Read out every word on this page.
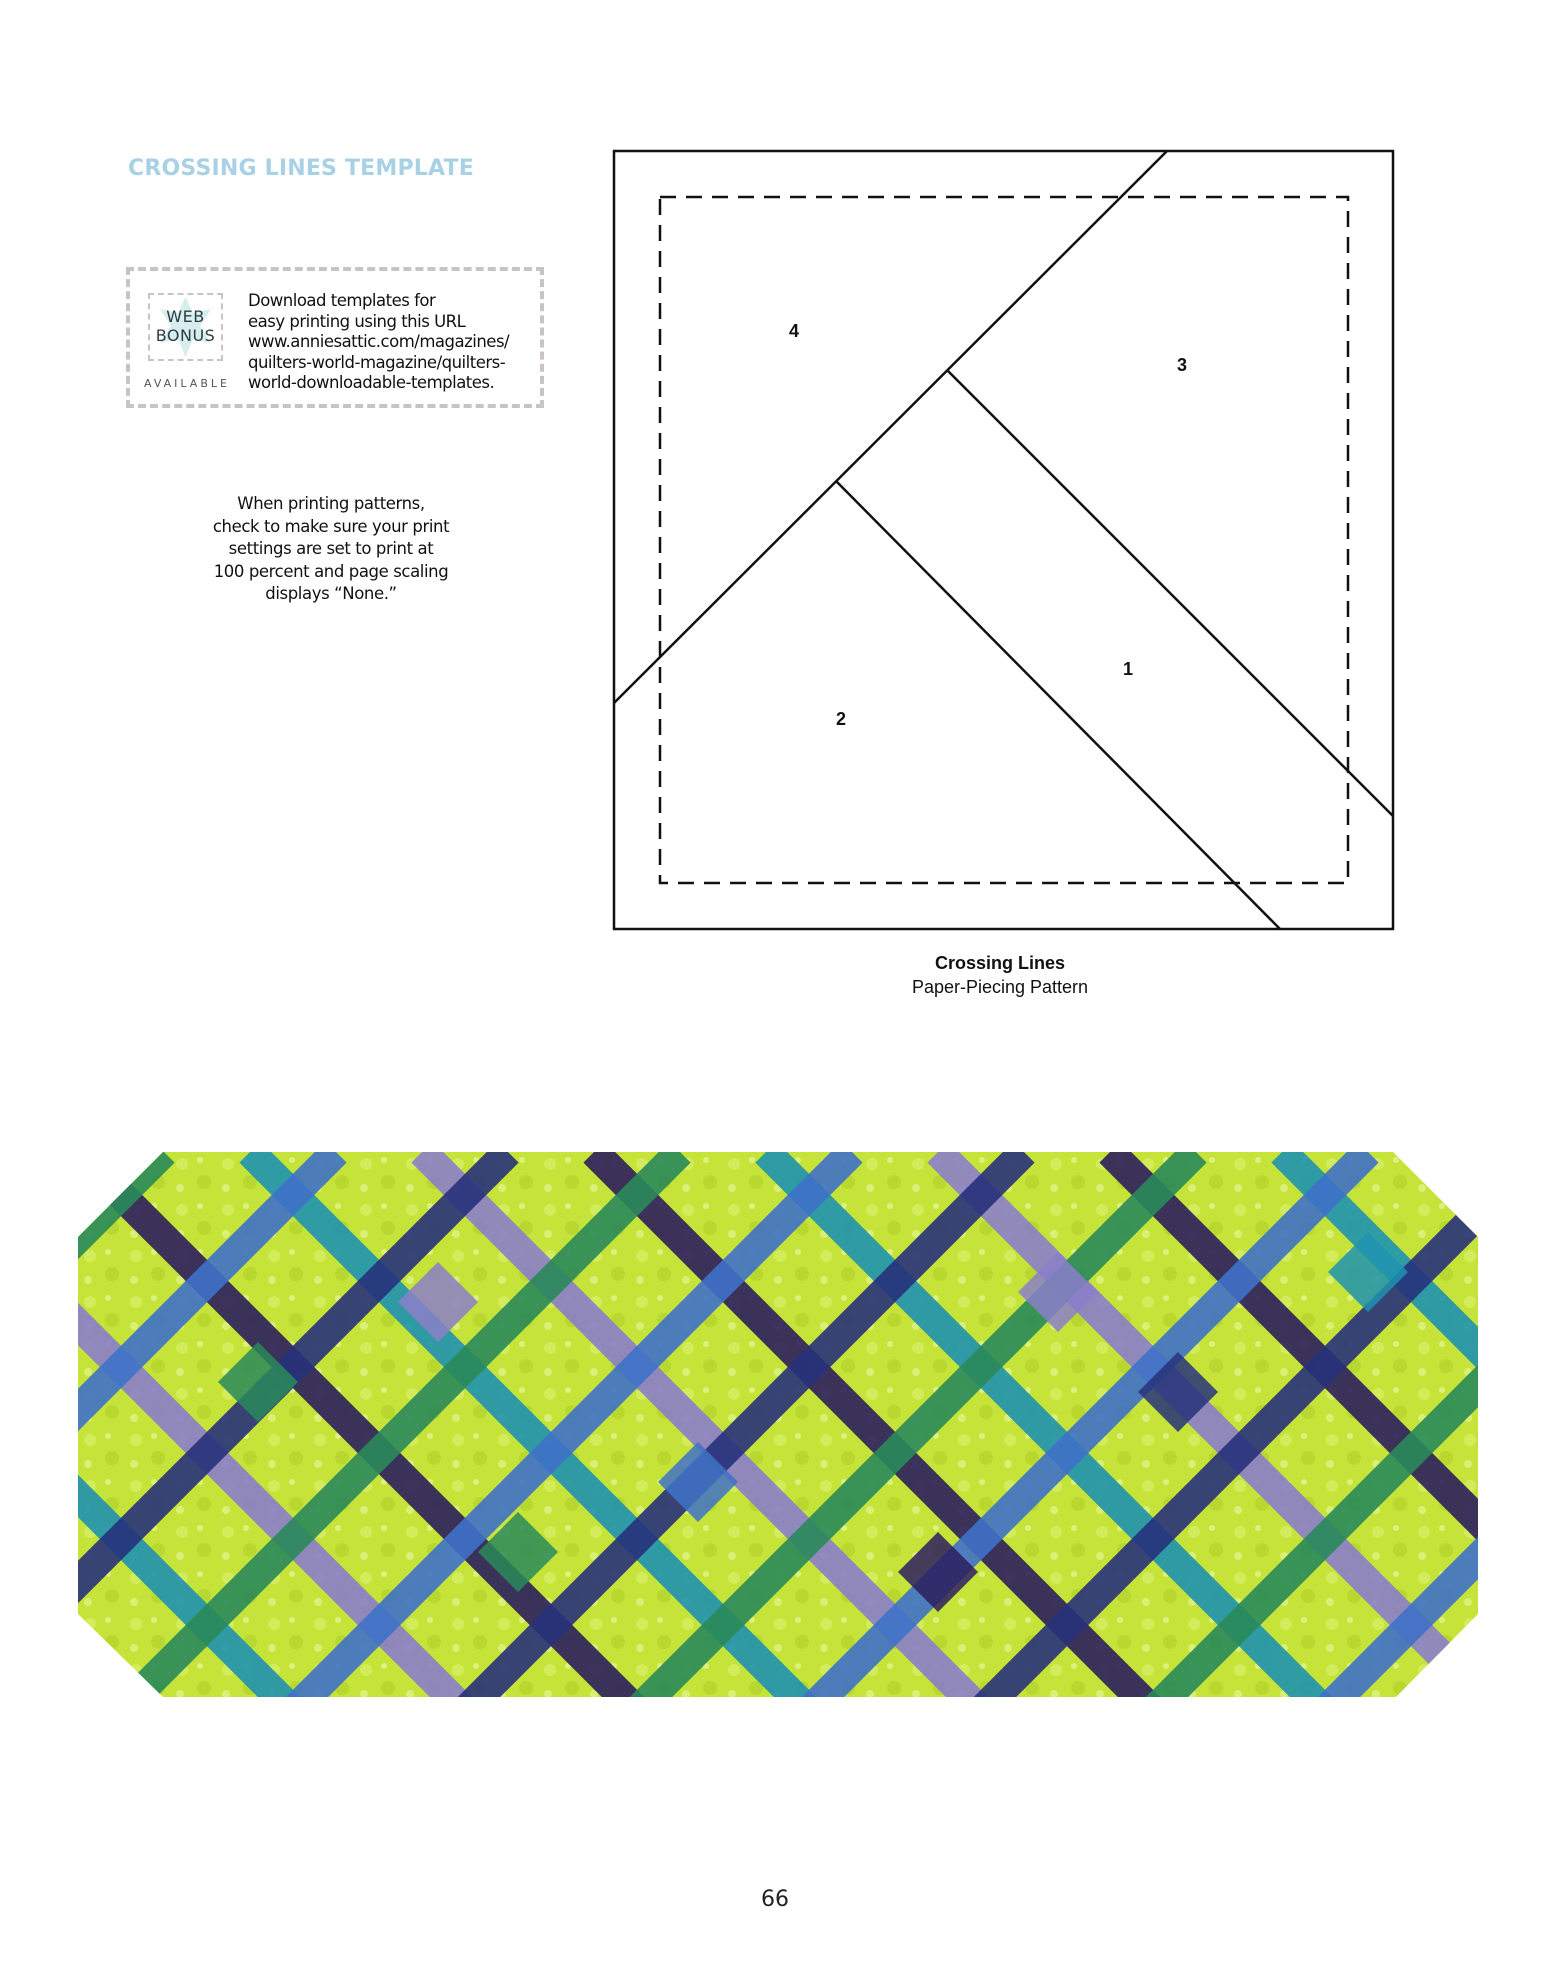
CROSSING LINES TEMPLATE
WEB
BONUS
AVAILABLE
Download templates for
easy printing using this URL
www.anniesattic.com/magazines/
quilters-world-magazine/quilters-
world-downloadable-templates.
When printing patterns,
check to make sure your print
settings are set to print at
100 percent and page scaling
displays “None.”
4
3
1
2
Crossing Lines
Paper-Piecing Pattern
66
